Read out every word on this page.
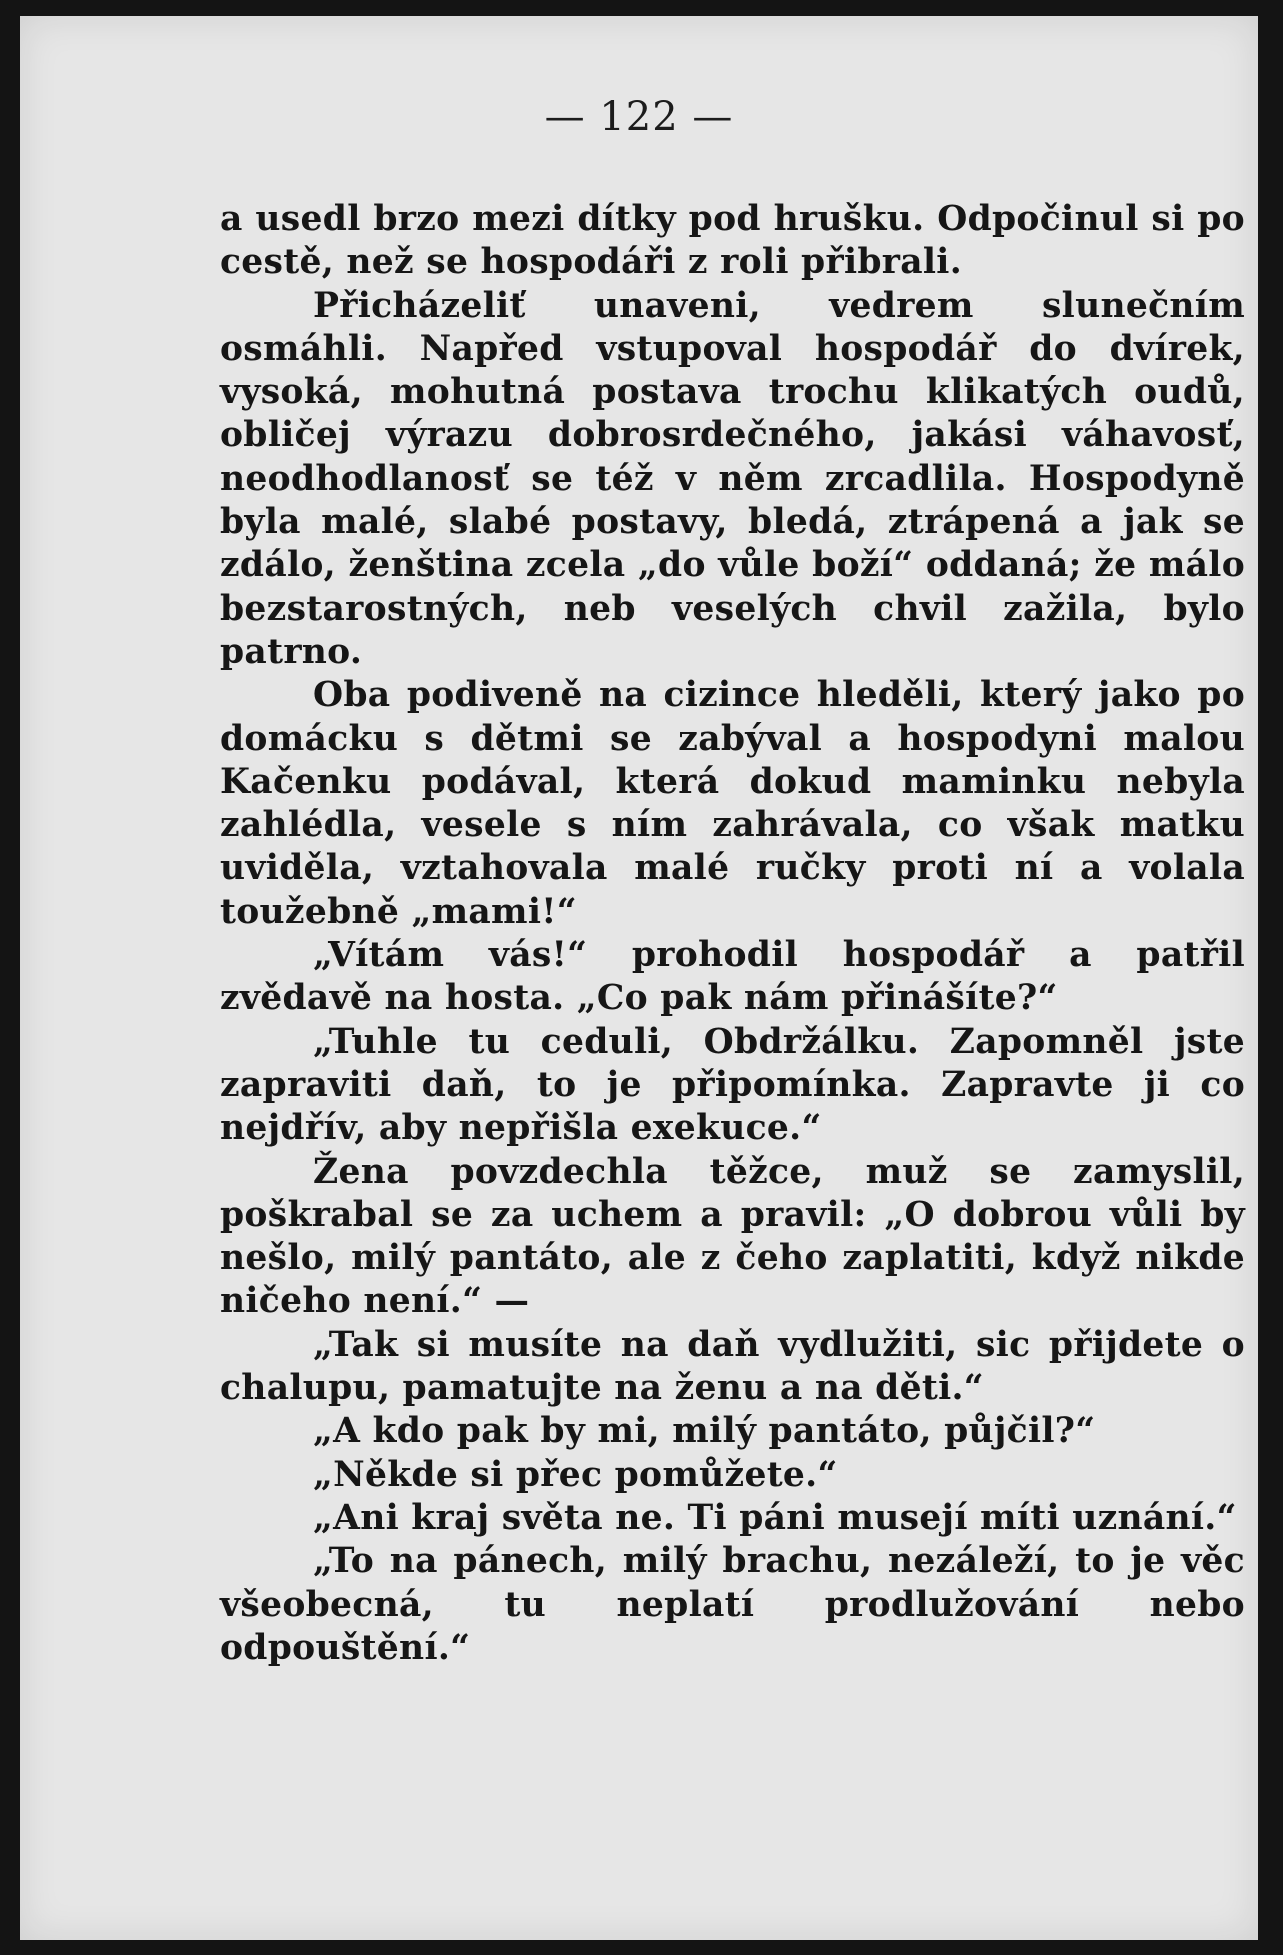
— 122 —

a usedl brzo mezi dítky pod hrušku. Odpočinul si po cestě, než se hospodáři z roli přibrali.

Přicházeliť unaveni, vedrem slunečním osmáhli. Napřed vstupoval hospodář do dvírek, vysoká, mohutná postava trochu klikatých oudů, obličej výrazu dobrosrdečného, jakási váhavosť, neodhodlanosť se též v něm zrcadlila. Hospodyně byla malé, slabé postavy, bledá, ztrápená a jak se zdálo, ženština zcela „do vůle boží“ oddaná; že málo bezstarostných, neb veselých chvil zažila, bylo patrno.

Oba podiveně na cizince hleděli, který jako po domácku s dětmi se zabýval a hospodyni malou Kačenku podával, která dokud maminku nebyla zahlédla, vesele s ním zahrávala, co však matku uviděla, vztahovala malé ručky proti ní a volala toužebně „mami!“

„Vítám vás!“ prohodil hospodář a patřil zvědavě na hosta. „Co pak nám přinášíte?“

„Tuhle tu ceduli, Obdržálku. Zapomněl jste zapraviti daň, to je připomínka. Zapravte ji co nejdřív, aby nepřišla exekuce.“

Žena povzdechla těžce, muž se zamyslil, poškrabal se za uchem a pravil: „O dobrou vůli by nešlo, milý pantáto, ale z čeho zaplatiti, když nikde ničeho není.“ —

„Tak si musíte na daň vydlužiti, sic přijdete o chalupu, pamatujte na ženu a na děti.“

„A kdo pak by mi, milý pantáto, půjčil?“

„Někde si přec pomůžete.“

„Ani kraj světa ne. Ti páni musejí míti uznání.“

„To na pánech, milý brachu, nezáleží, to je věc všeobecná, tu neplatí prodlužování nebo odpouštění.“
